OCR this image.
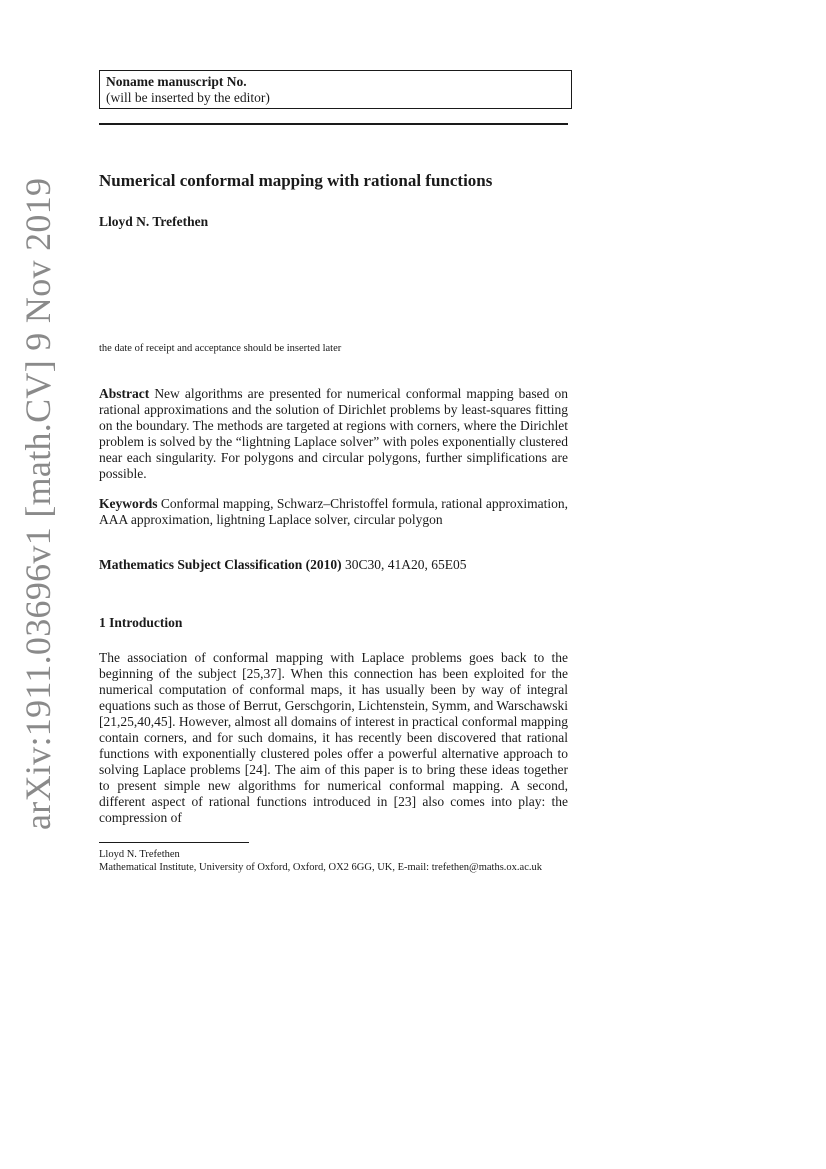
arXiv:1911.03696v1 [math.CV] 9 Nov 2019
Noname manuscript No.
(will be inserted by the editor)
Numerical conformal mapping with rational functions
Lloyd N. Trefethen
the date of receipt and acceptance should be inserted later
Abstract New algorithms are presented for numerical conformal mapping based on rational approximations and the solution of Dirichlet problems by least-squares fitting on the boundary. The methods are targeted at regions with corners, where the Dirichlet problem is solved by the “lightning Laplace solver” with poles exponentially clustered near each singularity. For polygons and circular polygons, further simplifications are possible.
Keywords Conformal mapping, Schwarz–Christoffel formula, rational approximation, AAA approximation, lightning Laplace solver, circular polygon
Mathematics Subject Classification (2010) 30C30, 41A20, 65E05
1 Introduction
The association of conformal mapping with Laplace problems goes back to the beginning of the subject [25,37]. When this connection has been exploited for the numerical computation of conformal maps, it has usually been by way of integral equations such as those of Berrut, Gerschgorin, Lichtenstein, Symm, and Warschawski [21,25,40,45]. However, almost all domains of interest in practical conformal mapping contain corners, and for such domains, it has recently been discovered that rational functions with exponentially clustered poles offer a powerful alternative approach to solving Laplace problems [24]. The aim of this paper is to bring these ideas together to present simple new algorithms for numerical conformal mapping. A second, different aspect of rational functions introduced in [23] also comes into play: the compression of
Lloyd N. Trefethen
Mathematical Institute, University of Oxford, Oxford, OX2 6GG, UK, E-mail: trefethen@maths.ox.ac.uk
